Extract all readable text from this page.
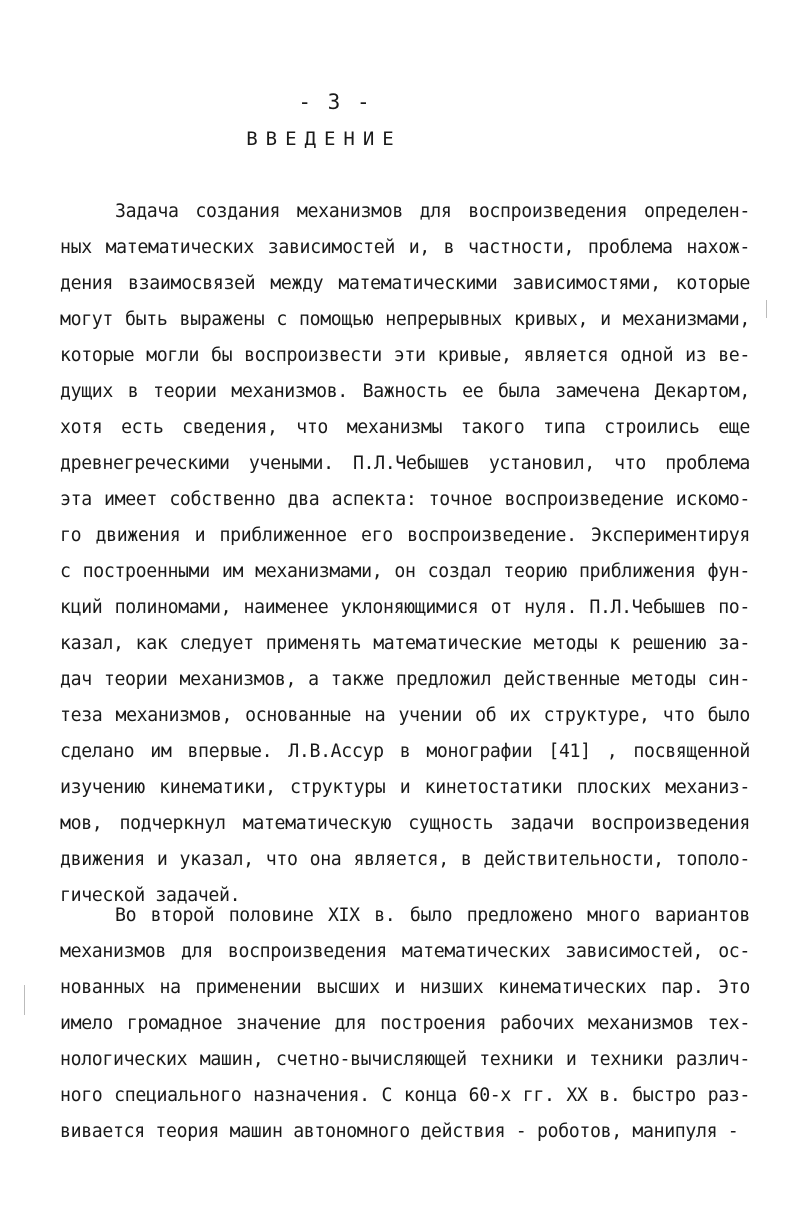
- 3 -
ВВЕДЕНИЕ
Задача создания механизмов для воспроизведения определен-
ных математических зависимостей и, в частности, проблема нахож-
дения взаимосвязей между математическими зависимостями, которые
могут быть выражены с помощью непрерывных кривых, и механизмами,
которые могли бы воспроизвести эти кривые, является одной из ве-
дущих в теории механизмов. Важность ее была замечена Декартом,
хотя есть сведения, что механизмы такого типа строились еще
древнегреческими учеными. П.Л.Чебышев установил, что проблема
эта имеет собственно два аспекта: точное воспроизведение искомо-
го движения и приближенное его воспроизведение. Экспериментируя
с построенными им механизмами, он создал теорию приближения фун-
кций полиномами, наименее уклоняющимися от нуля. П.Л.Чебышев по-
казал, как следует применять математические методы к решению за-
дач теории механизмов, а также предложил действенные методы син-
теза механизмов, основанные на учении об их структуре, что было
сделано им впервые. Л.В.Ассур в монографии [41] , посвященной
изучению кинематики, структуры и кинетостатики плоских механиз-
мов, подчеркнул математическую сущность задачи воспроизведения
движения и указал, что она является, в действительности, тополо-
гической задачей.
Во второй половине XIX в. было предложено много вариантов
механизмов для воспроизведения математических зависимостей, ос-
нованных на применении высших и низших кинематических пар. Это
имело громадное значение для построения рабочих механизмов тех-
нологических машин, счетно-вычисляющей техники и техники различ-
ного специального назначения. С конца 60-х гг. XX в. быстро раз-
вивается теория машин автономного действия - роботов, манипуля -
